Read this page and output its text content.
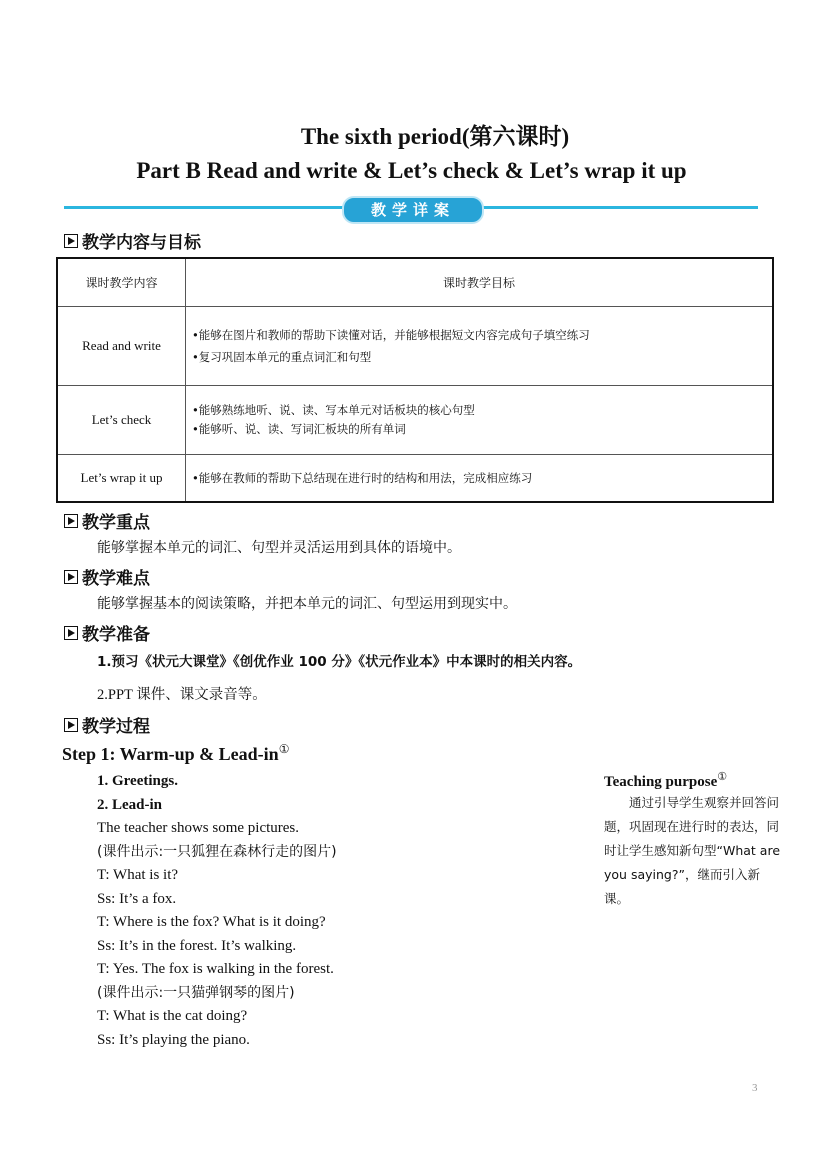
The sixth period(第六课时)
Part B Read and write & Let’s check & Let’s wrap it up
教学详案
教学内容与目标
课时教学内容	课时教学目标
Read and write	•能够在图片和教师的帮助下读懂对话，并能够根据短文内容完成句子填空练习
•复习巩固本单元的重点词汇和句型

Let’s check	•能够熟练地听、说、读、写本单元对话板块的核心句型
•能够听、说、读、写词汇板块的所有单词

Let’s wrap it up	•能够在教师的帮助下总结现在进行时的结构和用法，完成相应练习
教学重点
能够掌握本单元的词汇、句型并灵活运用到具体的语境中。
教学难点
能够掌握基本的阅读策略，并把本单元的词汇、句型运用到现实中。
教学准备
1.预习《状元大课堂》《创优作业 100 分》《状元作业本》中本课时的相关内容。
2.PPT 课件、课文录音等。
教学过程
Step 1: Warm-up & Lead-in①
1. Greetings.
2. Lead-in
The teacher shows some pictures.
(课件出示:一只狐狸在森林行走的图片)
T: What is it?
Ss: It’s a fox.
T: Where is the fox? What is it doing?
Ss: It’s in the forest. It’s walking.
T: Yes. The fox is walking in the forest.
(课件出示:一只猫弹钢琴的图片)
T: What is the cat doing?
Ss: It’s playing the piano.
Teaching purpose①
　　通过引导学生观察并回答问题，巩固现在进行时的表达，同时让学生感知新句型“What are you saying?”，继而引入新课。
3
